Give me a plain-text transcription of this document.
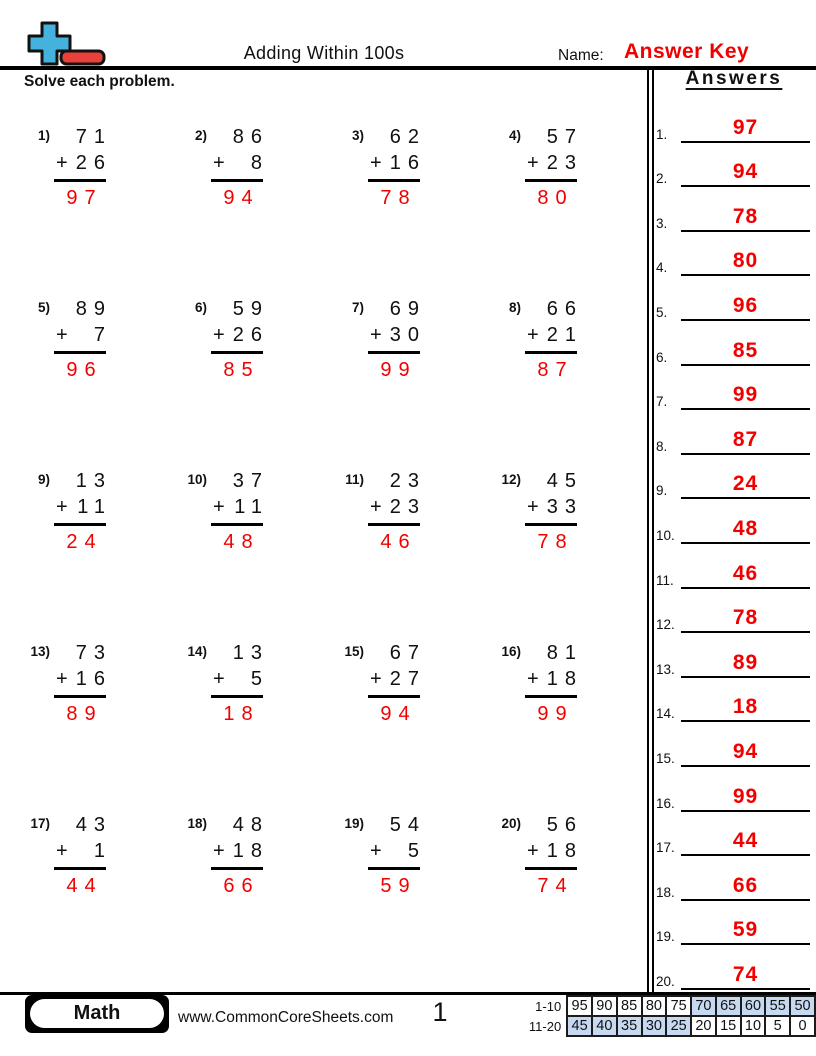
Adding Within 100s	Name: Answer Key
Solve each problem.
1)	71
+ 26
97
2)	86
+ 8
94
3)	62
+ 16
78
4)	57
+ 23
80
5)	89
+ 7
96
6)	59
+ 26
85
7)	69
+ 30
99
8)	66
+ 21
87
9)	13
+ 11
24
10)	37
+ 11
48
11)	23
+ 23
46
12)	45
+ 33
78
13)	73
+ 16
89
14)	13
+ 5
18
15)	67
+ 27
94
16)	81
+ 18
99
17)	43
+ 1
44
18)	48
+ 18
66
19)	54
+ 5
59
20)	56
+ 18
74
Answers
1.	97
2.	94
3.	78
4.	80
5.	96
6.	85
7.	99
8.	87
9.	24
10.	48
11.	46
12.	78
13.	89
14.	18
15.	94
16.	99
17.	44
18.	66
19.	59
20.	74
Math	www.CommonCoreSheets.com	1	1-10	95	90	85	80	75	70	65	60	55	50
11-20	45	40	35	30	25	20	15	10	5	0
